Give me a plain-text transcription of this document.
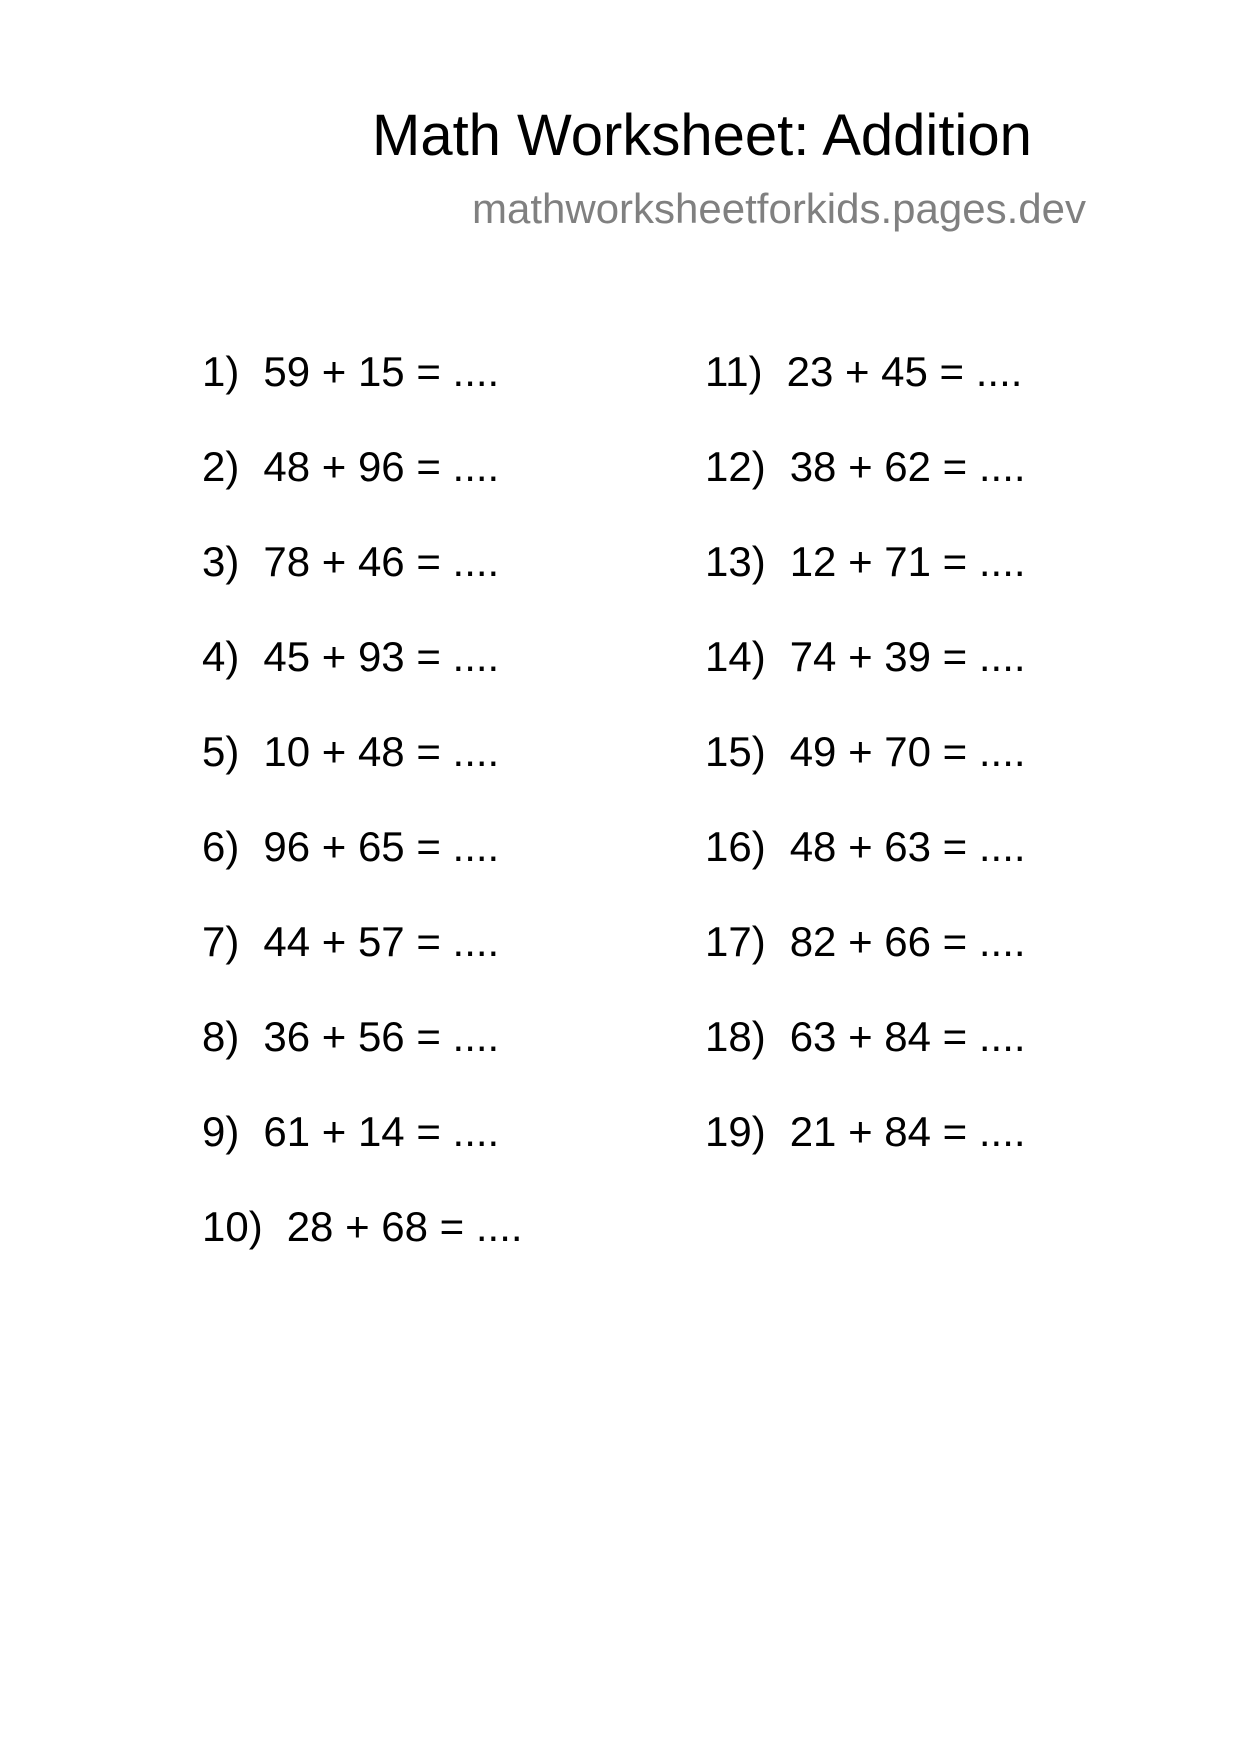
Math Worksheet: Addition
mathworksheetforkids.pages.dev
1) 59 + 15 = ....
2) 48 + 96 = ....
3) 78 + 46 = ....
4) 45 + 93 = ....
5) 10 + 48 = ....
6) 96 + 65 = ....
7) 44 + 57 = ....
8) 36 + 56 = ....
9) 61 + 14 = ....
10) 28 + 68 = ....
11) 23 + 45 = ....
12) 38 + 62 = ....
13) 12 + 71 = ....
14) 74 + 39 = ....
15) 49 + 70 = ....
16) 48 + 63 = ....
17) 82 + 66 = ....
18) 63 + 84 = ....
19) 21 + 84 = ....
